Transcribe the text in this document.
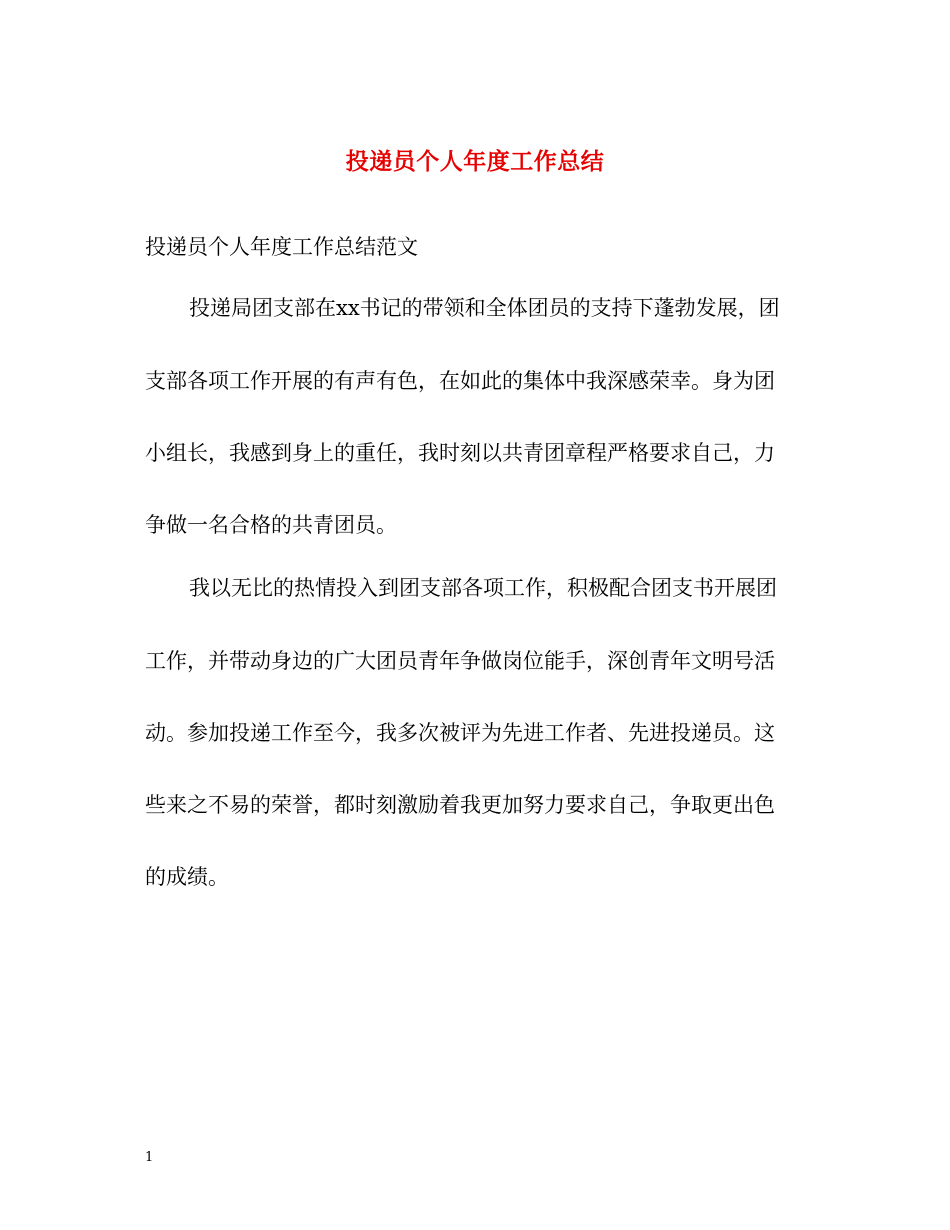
投递员个人年度工作总结

投递员个人年度工作总结范文

投递局团支部在xx书记的带领和全体团员的支持下蓬勃发展，团

支部各项工作开展的有声有色，在如此的集体中我深感荣幸。身为团

小组长，我感到身上的重任，我时刻以共青团章程严格要求自己，力

争做一名合格的共青团员。

我以无比的热情投入到团支部各项工作，积极配合团支书开展团

工作，并带动身边的广大团员青年争做岗位能手，深创青年文明号活

动。参加投递工作至今，我多次被评为先进工作者、先进投递员。这

些来之不易的荣誉，都时刻激励着我更加努力要求自己，争取更出色

的成绩。

1
